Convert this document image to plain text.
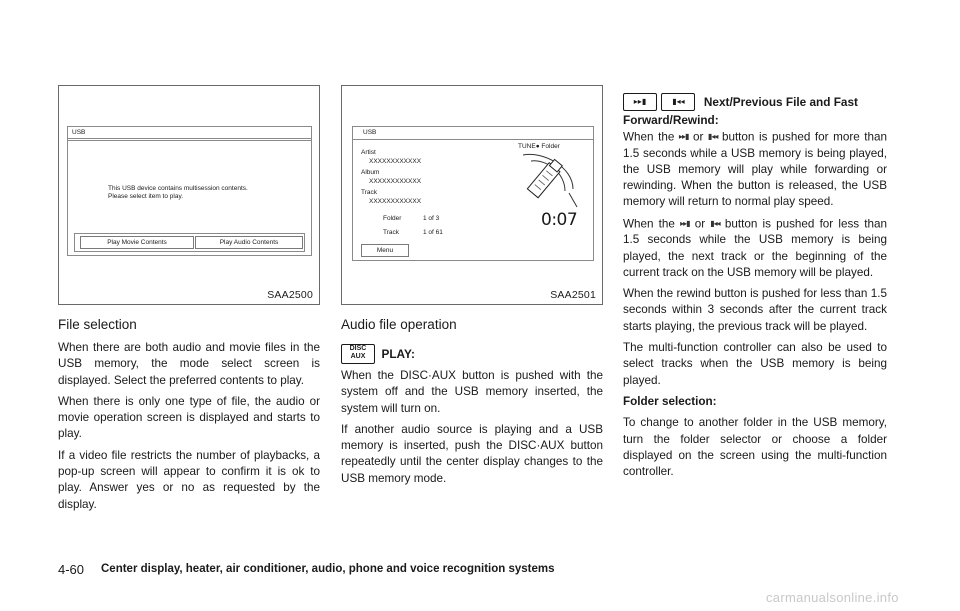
USB
This USB device contains multisession contents.
Please select item to play.
Play Movie Contents	Play Audio Contents
SAA2500
USB
TUNE● Folder
Artist
XXXXXXXXXXXX
Album
XXXXXXXXXXXX
Track
XXXXXXXXXXXX
Folder	1 of 3
Track	1 of 61
0:07
Menu
SAA2501
File selection

When there are both audio and movie files in the USB memory, the mode select screen is displayed. Select the preferred contents to play.

When there is only one type of file, the audio or movie operation screen is displayed and starts to play.

If a video file restricts the number of playbacks, a pop-up screen will appear to confirm it is ok to play. Answer yes or no as requested by the display.

Audio file operation
DISC
AUX	PLAY:

When the DISC·AUX button is pushed with the system off and the USB memory inserted, the system will turn on.

If another audio source is playing and a USB memory is inserted, push the DISC·AUX button repeatedly until the center display changes to the USB memory mode.

▸▸▮	▮◂◂ Next/Previous File and Fast
Forward/Rewind:

When the ▸▸▮ or ▮◂◂ button is pushed for more than 1.5 seconds while a USB memory is being played, the USB memory will play while forwarding or rewinding. When the button is released, the USB memory will return to normal play speed.

When the ▸▸▮ or ▮◂◂ button is pushed for less than 1.5 seconds while the USB memory is being played, the next track or the beginning of the current track on the USB memory will be played.

When the rewind button is pushed for less than 1.5 seconds within 3 seconds after the current track starts playing, the previous track will be played.

The multi-function controller can also be used to select tracks when the USB memory is being played.

Folder selection:

To change to another folder in the USB memory, turn the folder selector or choose a folder displayed on the screen using the multi-function controller.

4-60 Center display, heater, air conditioner, audio, phone and voice recognition systems
carmanualsonline.info
